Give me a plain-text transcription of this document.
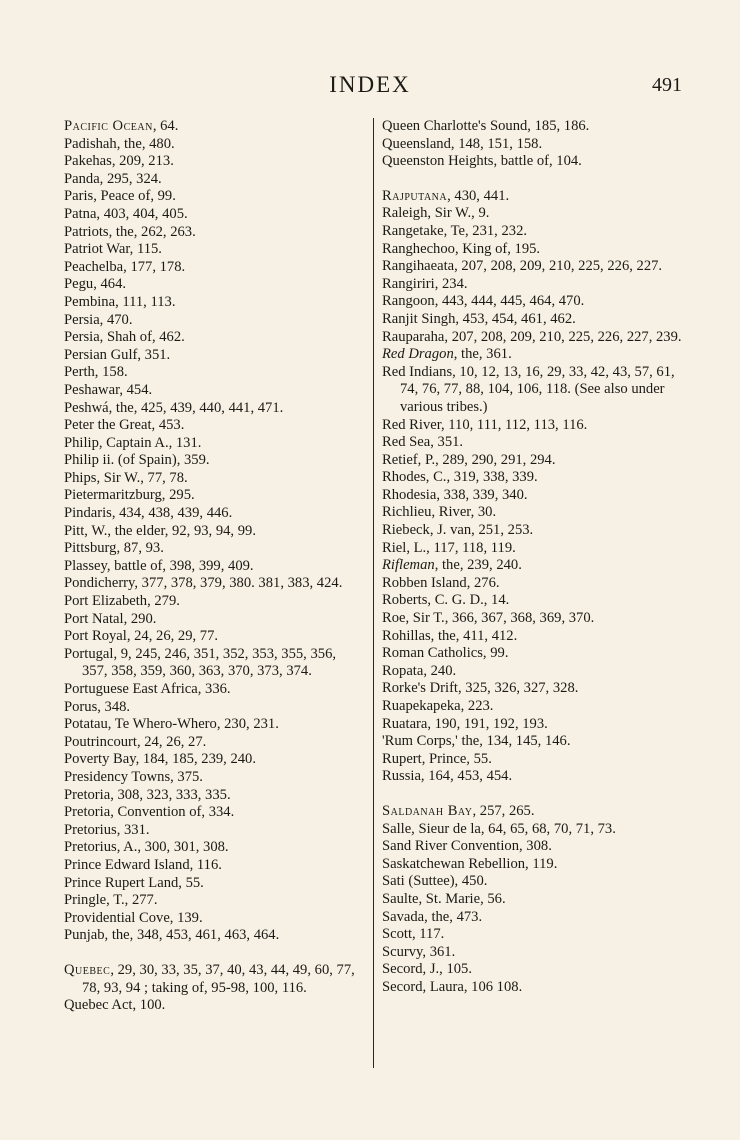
INDEX	491

Pacific Ocean, 64.

Padishah, the, 480.

Pakehas, 209, 213.

Panda, 295, 324.

Paris, Peace of, 99.

Patna, 403, 404, 405.

Patriots, the, 262, 263.

Patriot War, 115.

Peachelba, 177, 178.

Pegu, 464.

Pembina, 111, 113.

Persia, 470.

Persia, Shah of, 462.

Persian Gulf, 351.

Perth, 158.

Peshawar, 454.

Peshwá, the, 425, 439, 440, 441, 471.

Peter the Great, 453.

Philip, Captain A., 131.

Philip ii. (of Spain), 359.

Phips, Sir W., 77, 78.

Pietermaritzburg, 295.

Pindaris, 434, 438, 439, 446.

Pitt, W., the elder, 92, 93, 94, 99.

Pittsburg, 87, 93.

Plassey, battle of, 398, 399, 409.

Pondicherry, 377, 378, 379, 380. 381, 383, 424.

Port Elizabeth, 279.

Port Natal, 290.

Port Royal, 24, 26, 29, 77.

Portugal, 9, 245, 246, 351, 352, 353, 355, 356, 357, 358, 359, 360, 363, 370, 373, 374.

Portuguese East Africa, 336.

Porus, 348.

Potatau, Te Whero-Whero, 230, 231.

Poutrincourt, 24, 26, 27.

Poverty Bay, 184, 185, 239, 240.

Presidency Towns, 375.

Pretoria, 308, 323, 333, 335.

Pretoria, Convention of, 334.

Pretorius, 331.

Pretorius, A., 300, 301, 308.

Prince Edward Island, 116.

Prince Rupert Land, 55.

Pringle, T., 277.

Providential Cove, 139.

Punjab, the, 348, 453, 461, 463, 464.

Quebec, 29, 30, 33, 35, 37, 40, 43, 44, 49, 60, 77, 78, 93, 94 ; taking of, 95-98, 100, 116.

Quebec Act, 100.

Queen Charlotte's Sound, 185, 186.

Queensland, 148, 151, 158.

Queenston Heights, battle of, 104.

Rajputana, 430, 441.

Raleigh, Sir W., 9.

Rangetake, Te, 231, 232.

Ranghechoo, King of, 195.

Rangihaeata, 207, 208, 209, 210, 225, 226, 227.

Rangiriri, 234.

Rangoon, 443, 444, 445, 464, 470.

Ranjit Singh, 453, 454, 461, 462.

Rauparaha, 207, 208, 209, 210, 225, 226, 227, 239.

Red Dragon, the, 361.

Red Indians, 10, 12, 13, 16, 29, 33, 42, 43, 57, 61, 74, 76, 77, 88, 104, 106, 118. (See also under various tribes.)

Red River, 110, 111, 112, 113, 116.

Red Sea, 351.

Retief, P., 289, 290, 291, 294.

Rhodes, C., 319, 338, 339.

Rhodesia, 338, 339, 340.

Richlieu, River, 30.

Riebeck, J. van, 251, 253.

Riel, L., 117, 118, 119.

Rifleman, the, 239, 240.

Robben Island, 276.

Roberts, C. G. D., 14.

Roe, Sir T., 366, 367, 368, 369, 370.

Rohillas, the, 411, 412.

Roman Catholics, 99.

Ropata, 240.

Rorke's Drift, 325, 326, 327, 328.

Ruapekapeka, 223.

Ruatara, 190, 191, 192, 193.

'Rum Corps,' the, 134, 145, 146.

Rupert, Prince, 55.

Russia, 164, 453, 454.

Saldanah Bay, 257, 265.

Salle, Sieur de la, 64, 65, 68, 70, 71, 73.

Sand River Convention, 308.

Saskatchewan Rebellion, 119.

Sati (Suttee), 450.

Saulte, St. Marie, 56.

Savada, the, 473.

Scott, 117.

Scurvy, 361.

Secord, J., 105.

Secord, Laura, 106 108.
